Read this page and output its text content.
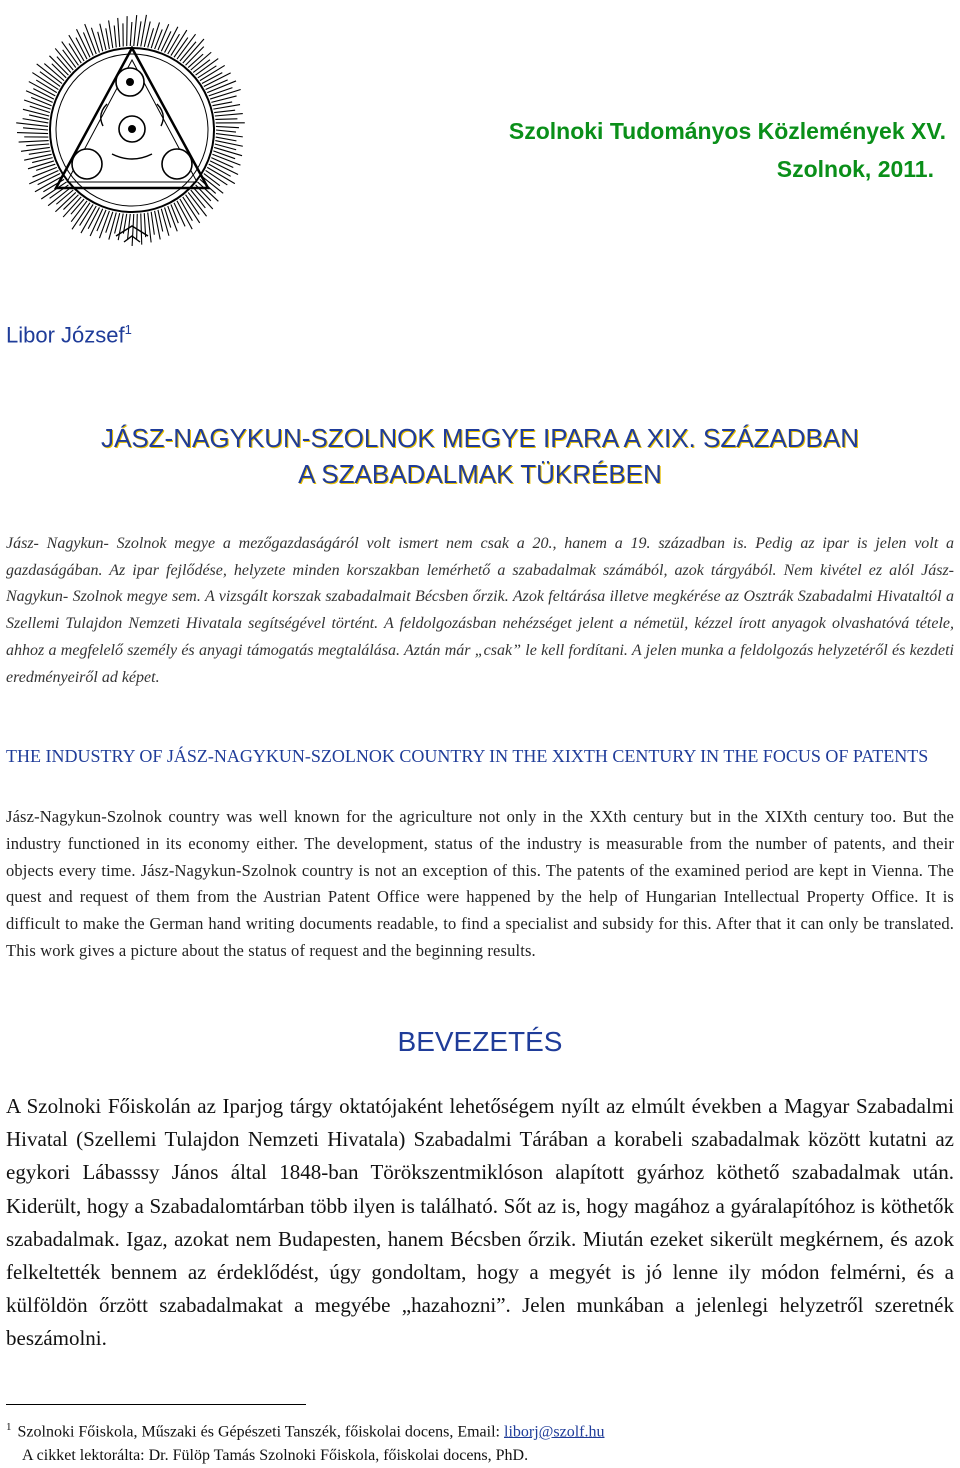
Szolnoki Tudományos Közlemények XV.
Szolnok, 2011.
Libor József$^1$
JÁSZ-NAGYKUN-SZOLNOK MEGYE IPARA A XIX. SZÁZADBAN
A SZABADALMAK TÜKRÉBEN
Jász- Nagykun- Szolnok megye a mezőgazdaságáról volt ismert nem csak a 20., hanem a 19. században is. Pedig az ipar is jelen volt a gazdaságában. Az ipar fejlődése, helyzete minden korszakban lemérhető a szabadalmak számából, azok tárgyából. Nem kivétel ez alól Jász- Nagykun- Szolnok megye sem. A vizsgált korszak szabadalmait Bécsben őrzik. Azok feltárása illetve megkérése az Osztrák Szabadalmi Hivataltól a Szellemi Tulajdon Nemzeti Hivatala segítségével történt. A feldolgozásban nehézséget jelent a németül, kézzel írott anyagok olvashatóvá tétele, ahhoz a megfelelő személy és anyagi támogatás megtalálása. Aztán már „csak” le kell fordítani. A jelen munka a feldolgozás helyzetéről és kezdeti eredményeiről ad képet.
THE INDUSTRY OF JÁSZ-NAGYKUN-SZOLNOK COUNTRY IN THE XIXTH CENTURY IN THE FOCUS OF PATENTS
Jász-Nagykun-Szolnok country was well known for the agriculture not only in the XXth century but in the XIXth century too. But the industry functioned in its economy either. The development, status of the industry is measurable from the number of patents, and their objects every time. Jász-Nagykun-Szolnok country is not an exception of this. The patents of the examined period are kept in Vienna. The quest and request of them from the Austrian Patent Office were happened by the help of Hungarian Intellectual Property Office. It is difficult to make the German hand writing documents readable, to find a specialist and subsidy for this. After that it can only be translated. This work gives a picture about the status of request and the beginning results.
BEVEZETÉS

A Szolnoki Főiskolán az Iparjog tárgy oktatójaként lehetőségem nyílt az elmúlt években a Magyar Szabadalmi Hivatal (Szellemi Tulajdon Nemzeti Hivatala) Szabadalmi Tárában a korabeli szabadalmak között kutatni az egykori Lábasssy János által 1848-ban Törökszentmiklóson alapított gyárhoz köthető szabadalmak után. Kiderült, hogy a Szabadalomtárban több ilyen is található. Sőt az is, hogy magához a gyáralapítóhoz is köthetők szabadalmak. Igaz, azokat nem Budapesten, hanem Bécsben őrzik. Miután ezeket sikerült megkérnem, és azok felkeltették bennem az érdeklődést, úgy gondoltam, hogy a megyét is jó lenne ily módon felmérni, és a külföldön őrzött szabadalmakat a megyébe „hazahozni”. Jelen munkában a jelenlegi helyzetről szeretnék beszámolni.

$^1$ Szolnoki Főiskola, Műszaki és Gépészeti Tanszék, főiskolai docens, Email: liborj@szolf.hu
A cikket lektorálta: Dr. Fülöp Tamás Szolnoki Főiskola, főiskolai docens, PhD.
